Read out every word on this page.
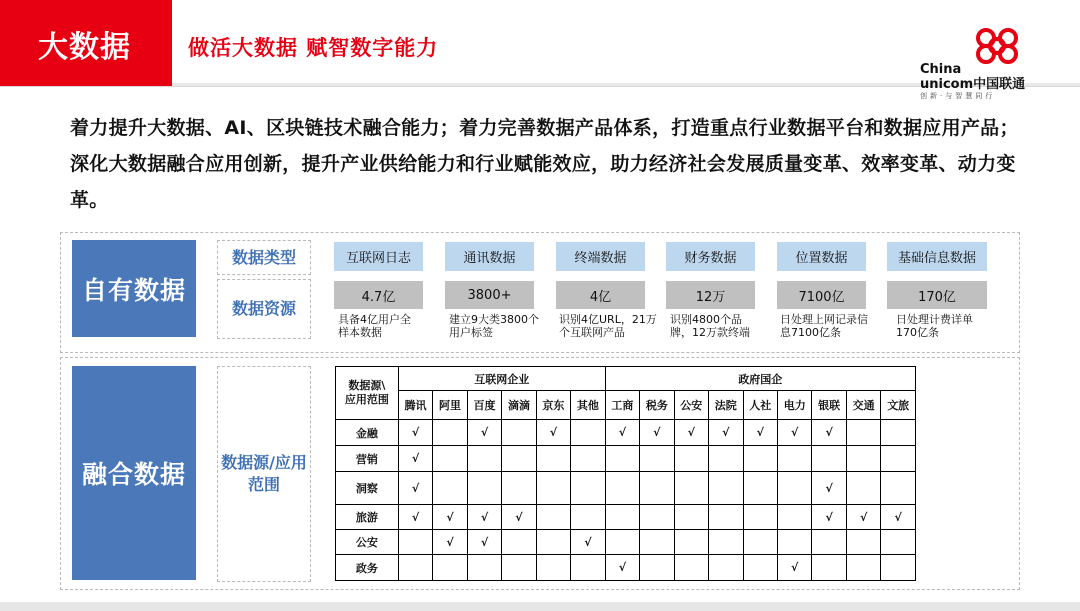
大数据	做活大数据 赋智数字能力
China
unicom中国联通
创新·与智慧同行
着力提升大数据、AI、区块链技术融合能力；着力完善数据产品体系，打造重点行业数据平台和数据应用产品；深化大数据融合应用创新，提升产业供给能力和行业赋能效应，助力经济社会发展质量变革、效率变革、动力变革。
自有数据
数据类型
数据资源
互联网日志	通讯数据	终端数据	财务数据	位置数据	基础信息数据
4.7亿	3800+	4亿	12万	7100亿	170亿
具备4亿用户全样本数据
建立9大类3800个用户标签
识别4亿URL，21万个互联网产品
识别4800个品牌，12万款终端
日处理上网记录信息7100亿条
日处理计费详单170亿条
融合数据	数据源/应用范围
数据源\
应用范围	互联网企业						政府国企								
	腾讯	阿里	百度	滴滴	京东	其他	工商	税务	公安	法院	人社	电力	银联	交通	文旅
金融	√		√		√		√	√	√	√	√	√	√		
营销	√														
洞察	√												√		
旅游	√	√	√	√									√	√	√
公安		√	√			√									
政务							√					√			
